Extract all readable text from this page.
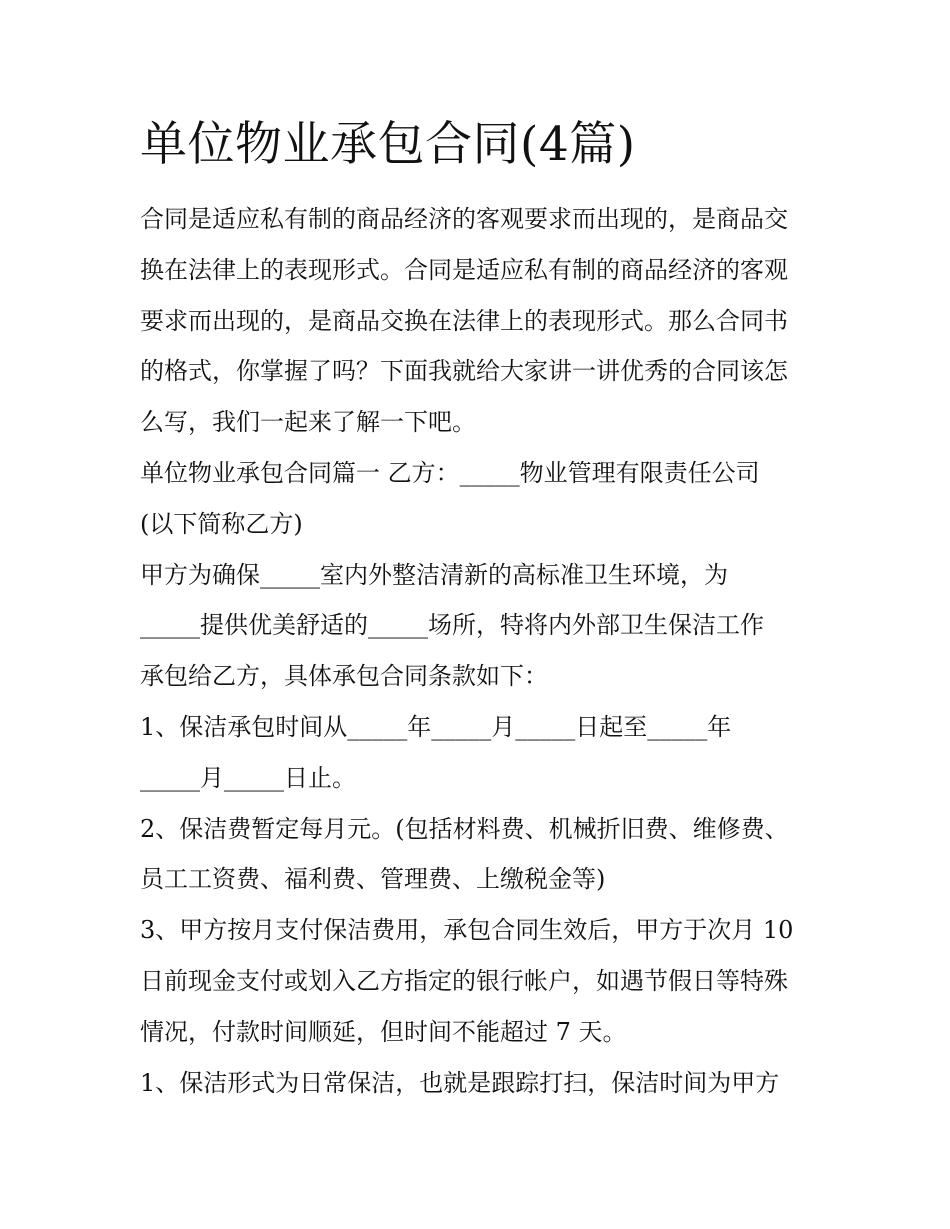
单位物业承包合同(4篇)

合同是适应私有制的商品经济的客观要求而出现的，是商品交

换在法律上的表现形式。合同是适应私有制的商品经济的客观

要求而出现的，是商品交换在法律上的表现形式。那么合同书

的格式，你掌握了吗？下面我就给大家讲一讲优秀的合同该怎

么写，我们一起来了解一下吧。

单位物业承包合同篇一 乙方：_____物业管理有限责任公司

(以下简称乙方)

甲方为确保_____室内外整洁清新的高标准卫生环境，为

_____提供优美舒适的_____场所，特将内外部卫生保洁工作

承包给乙方，具体承包合同条款如下：

1、保洁承包时间从_____年_____月_____日起至_____年

_____月_____日止。

2、保洁费暂定每月元。(包括材料费、机械折旧费、维修费、

员工工资费、福利费、管理费、上缴税金等)

3、甲方按月支付保洁费用，承包合同生效后，甲方于次月 10

日前现金支付或划入乙方指定的银行帐户，如遇节假日等特殊

情况，付款时间顺延，但时间不能超过 7 天。

1、保洁形式为日常保洁，也就是跟踪打扫，保洁时间为甲方
